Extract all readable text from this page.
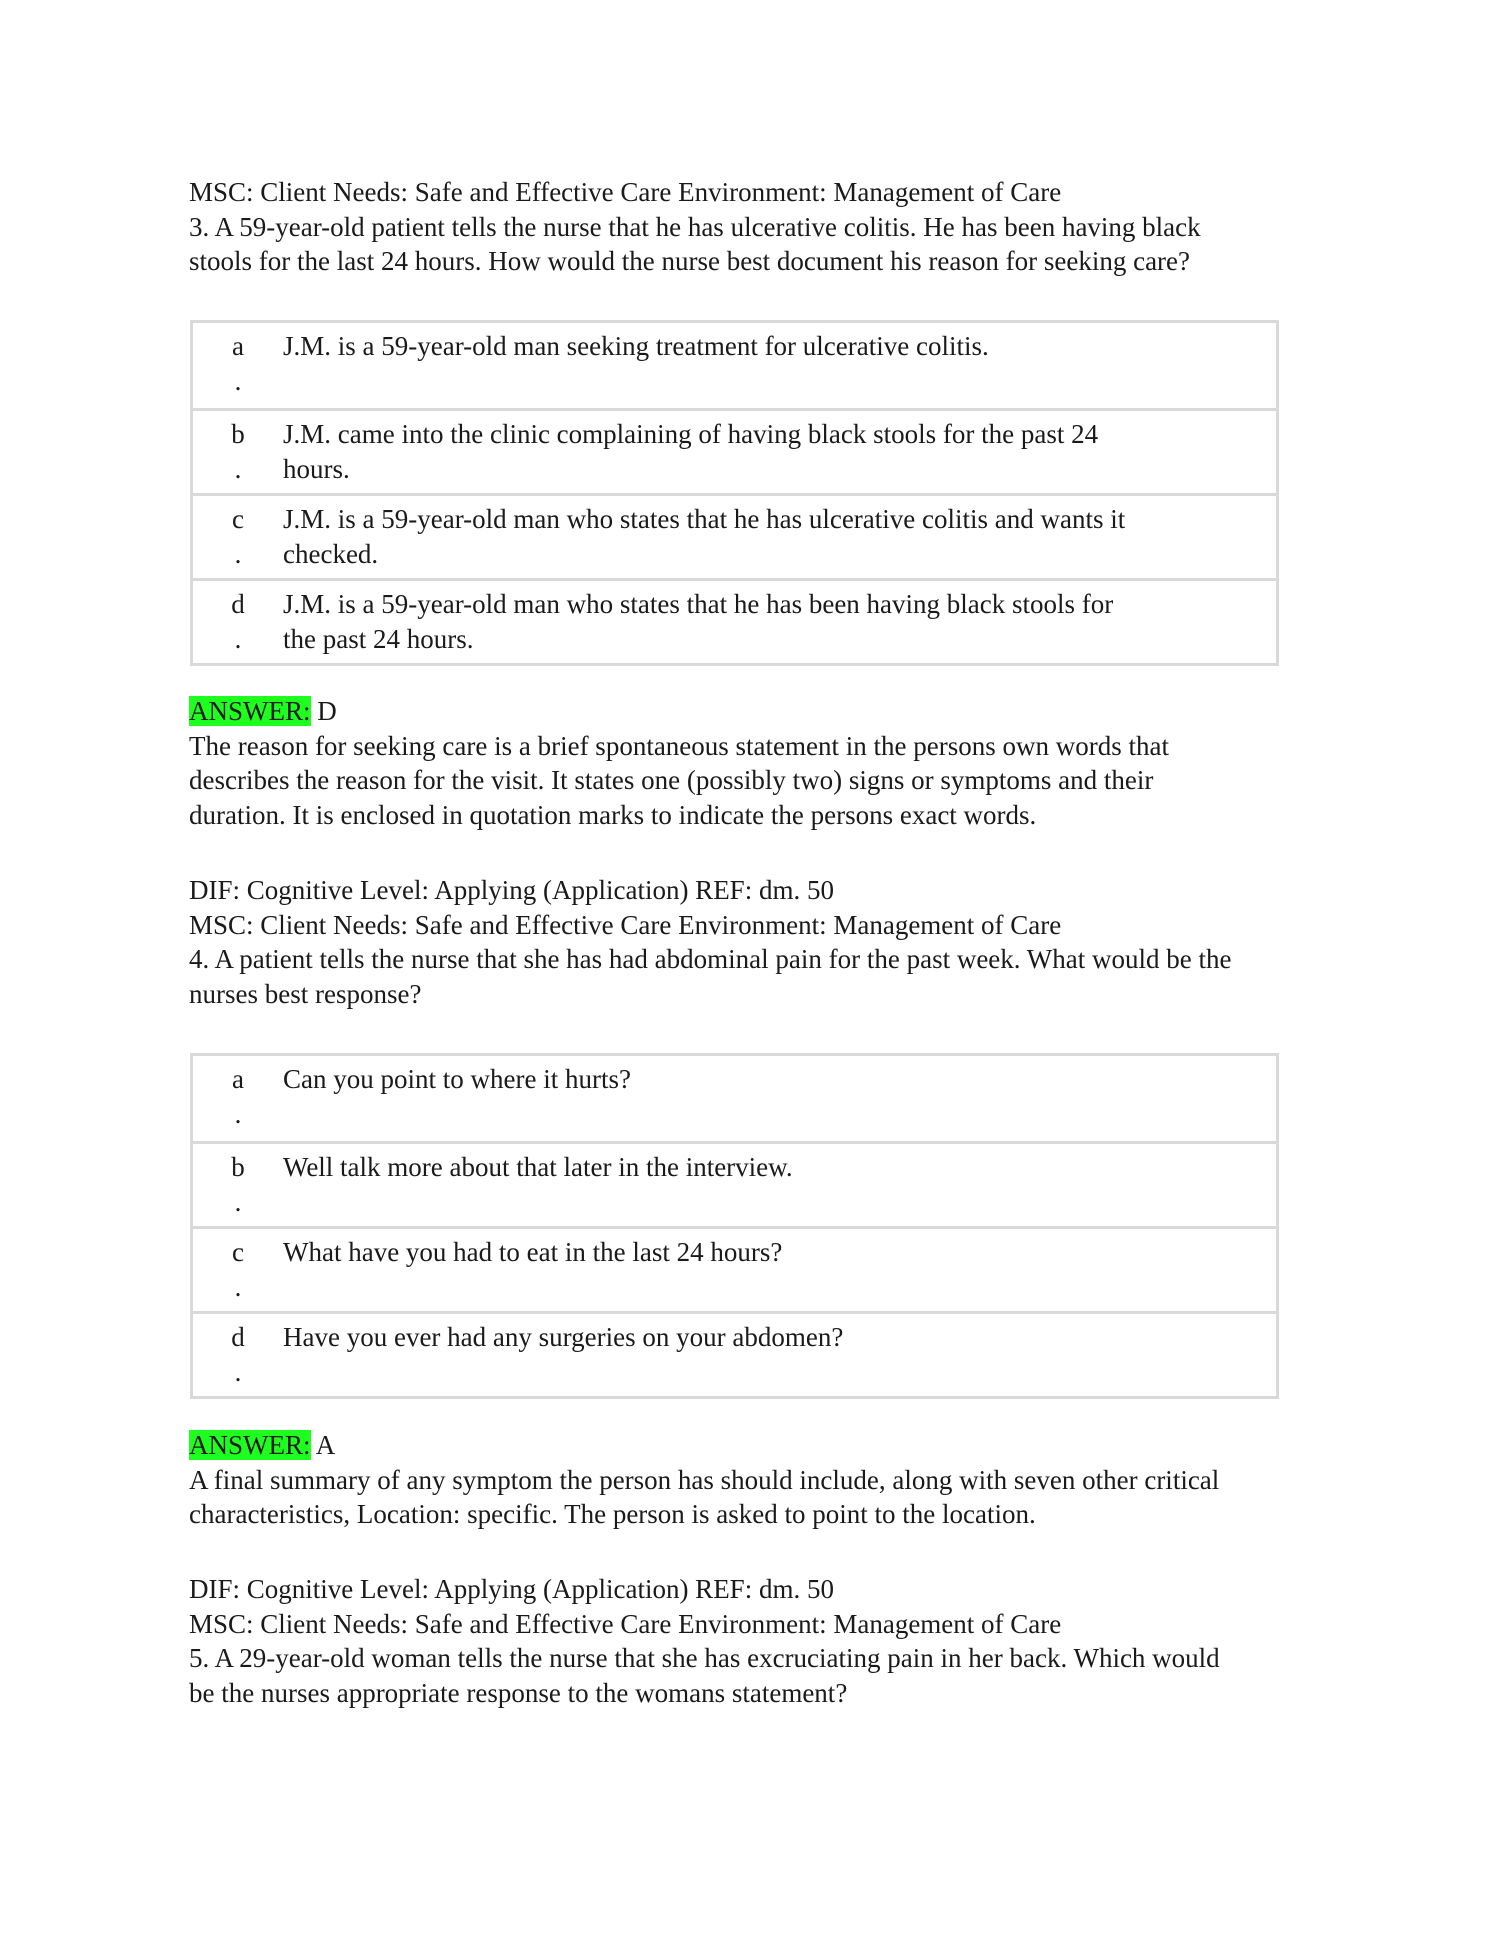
MSC: Client Needs: Safe and Effective Care Environment: Management of Care
3. A 59-year-old patient tells the nurse that he has ulcerative colitis. He has been having black
stools for the last 24 hours. How would the nurse best document his reason for seeking care?
a
.
J.M. is a 59-year-old man seeking treatment for ulcerative colitis.
b
.
J.M. came into the clinic complaining of having black stools for the past 24
hours.
c
.
J.M. is a 59-year-old man who states that he has ulcerative colitis and wants it
checked.
d
.
J.M. is a 59-year-old man who states that he has been having black stools for
the past 24 hours.
ANSWER: D
The reason for seeking care is a brief spontaneous statement in the persons own words that
describes the reason for the visit. It states one (possibly two) signs or symptoms and their
duration. It is enclosed in quotation marks to indicate the persons exact words.
DIF: Cognitive Level: Applying (Application) REF: dm. 50
MSC: Client Needs: Safe and Effective Care Environment: Management of Care
4. A patient tells the nurse that she has had abdominal pain for the past week. What would be the
nurses best response?
a
.
Can you point to where it hurts?
b
.
Well talk more about that later in the interview.
c
.
What have you had to eat in the last 24 hours?
d
.
Have you ever had any surgeries on your abdomen?
ANSWER: A
A final summary of any symptom the person has should include, along with seven other critical
characteristics, Location: specific. The person is asked to point to the location.
DIF: Cognitive Level: Applying (Application) REF: dm. 50
MSC: Client Needs: Safe and Effective Care Environment: Management of Care
5. A 29-year-old woman tells the nurse that she has excruciating pain in her back. Which would
be the nurses appropriate response to the womans statement?
